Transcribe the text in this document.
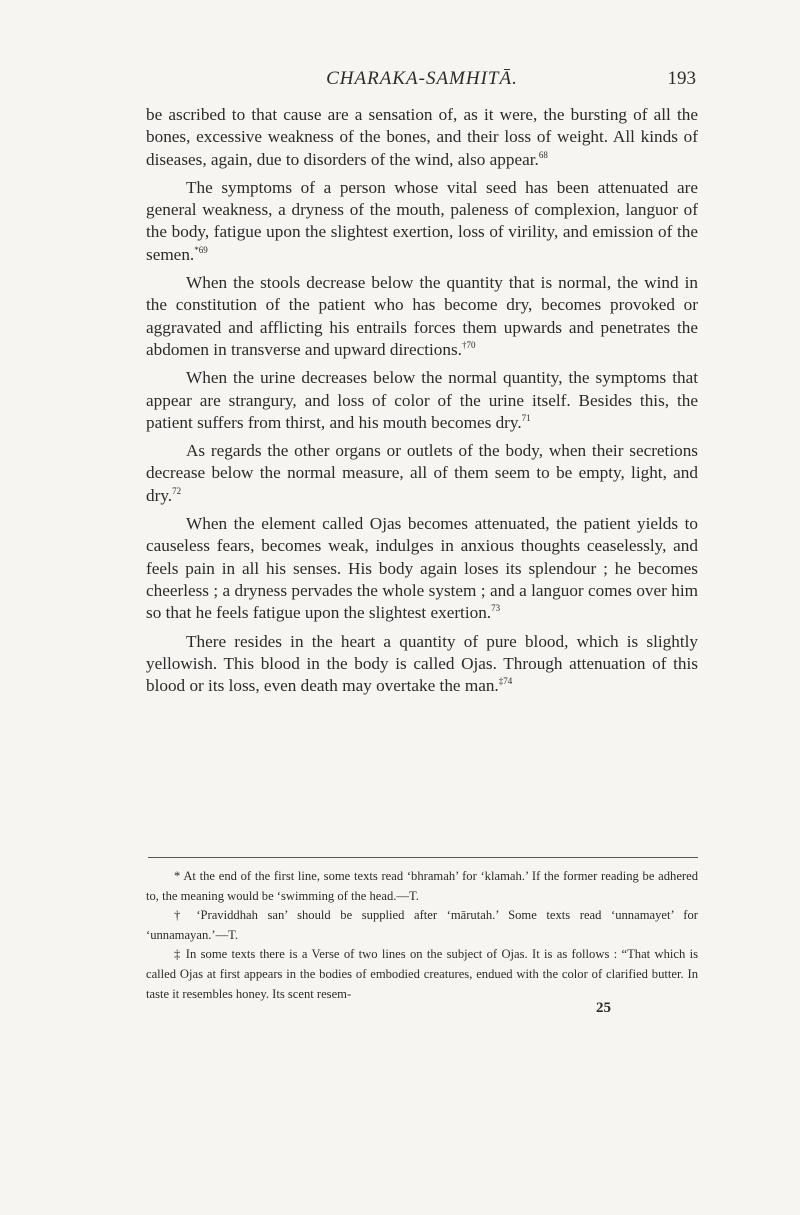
CHARAKA-SAMHITĀ.	193

be ascribed to that cause are a sensation of, as it were, the bursting of all the bones, excessive weakness of the bones, and their loss of weight. All kinds of diseases, again, due to disorders of the wind, also appear.$^{68}$

The symptoms of a person whose vital seed has been attenuated are general weakness, a dryness of the mouth, paleness of complexion, languor of the body, fatigue upon the slightest exertion, loss of virility, and emission of the semen.$^{*69}$

When the stools decrease below the quantity that is normal, the wind in the constitution of the patient who has become dry, becomes provoked or aggravated and afflicting his entrails forces them upwards and penetrates the abdomen in transverse and upward directions.$^{\dagger 70}$

When the urine decreases below the normal quantity, the symptoms that appear are strangury, and loss of color of the urine itself. Besides this, the patient suffers from thirst, and his mouth becomes dry.$^{71}$

As regards the other organs or outlets of the body, when their secretions decrease below the normal measure, all of them seem to be empty, light, and dry.$^{72}$

When the element called Ojas becomes attenuated, the patient yields to causeless fears, becomes weak, indulges in anxious thoughts ceaselessly, and feels pain in all his senses. His body again loses its splendour ; he becomes cheerless ; a dryness pervades the whole system ; and a languor comes over him so that he feels fatigue upon the slightest exertion.$^{73}$

There resides in the heart a quantity of pure blood, which is slightly yellowish. This blood in the body is called Ojas. Through attenuation of this blood or its loss, even death may overtake the man.$^{\ddagger 74}$

* At the end of the first line, some texts read ‘bhramah’ for ‘klamah.’ If the former reading be adhered to, the meaning would be ‘swimming of the head.—T.

† ‘Praviddhah san’ should be supplied after ‘mārutah.’ Some texts read ‘unnamayet’ for ‘unnamayan.’—T.

‡ In some texts there is a Verse of two lines on the subject of Ojas. It is as follows : “That which is called Ojas at first appears in the bodies of embodied creatures, endued with the color of clarified butter. In taste it resembles honey. Its scent resem-

25
